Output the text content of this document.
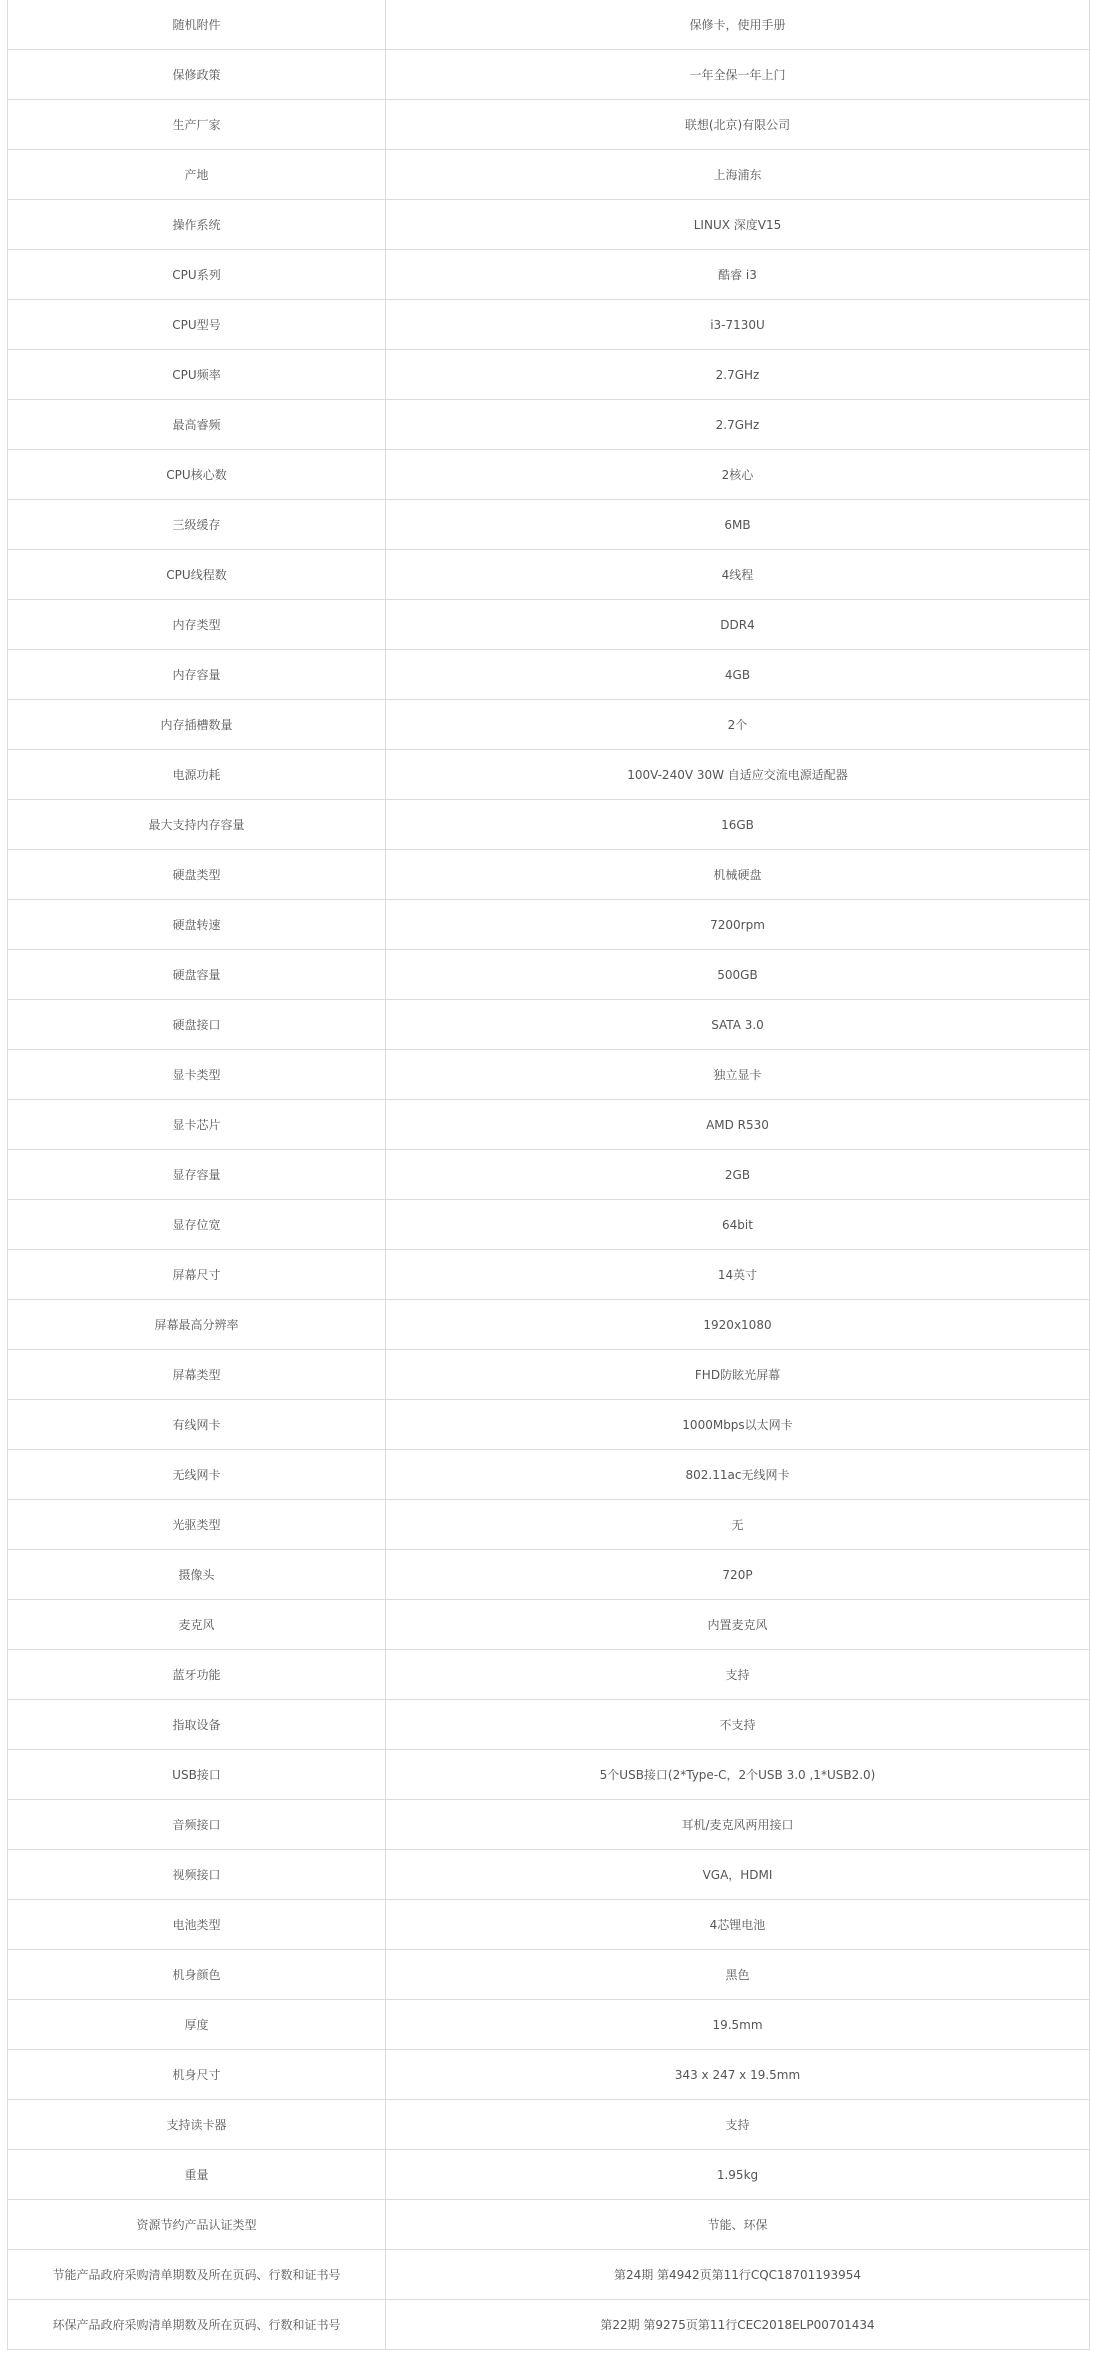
随机附件	保修卡，使用手册
保修政策	一年全保一年上门
生产厂家	联想(北京)有限公司
产地	上海浦东
操作系统	LINUX 深度V15
CPU系列	酷睿 i3
CPU型号	i3-7130U
CPU频率	2.7GHz
最高睿频	2.7GHz
CPU核心数	2核心
三级缓存	6MB
CPU线程数	4线程
内存类型	DDR4
内存容量	4GB
内存插槽数量	2个
电源功耗	100V-240V 30W 自适应交流电源适配器
最大支持内存容量	16GB
硬盘类型	机械硬盘
硬盘转速	7200rpm
硬盘容量	500GB
硬盘接口	SATA 3.0
显卡类型	独立显卡
显卡芯片	AMD R530
显存容量	2GB
显存位宽	64bit
屏幕尺寸	14英寸
屏幕最高分辨率	1920x1080
屏幕类型	FHD防眩光屏幕
有线网卡	1000Mbps以太网卡
无线网卡	802.11ac无线网卡
光驱类型	无
摄像头	720P
麦克风	内置麦克风
蓝牙功能	支持
指取设备	不支持
USB接口	5个USB接口(2*Type-C，2个USB 3.0 ,1*USB2.0)
音频接口	耳机/麦克风两用接口
视频接口	VGA，HDMI
电池类型	4芯锂电池
机身颜色	黑色
厚度	19.5mm
机身尺寸	343 x 247 x 19.5mm
支持读卡器	支持
重量	1.95kg
资源节约产品认证类型	节能、环保
节能产品政府采购清单期数及所在页码、行数和证书号	第24期 第4942页第11行CQC18701193954
环保产品政府采购清单期数及所在页码、行数和证书号	第22期 第9275页第11行CEC2018ELP00701434
